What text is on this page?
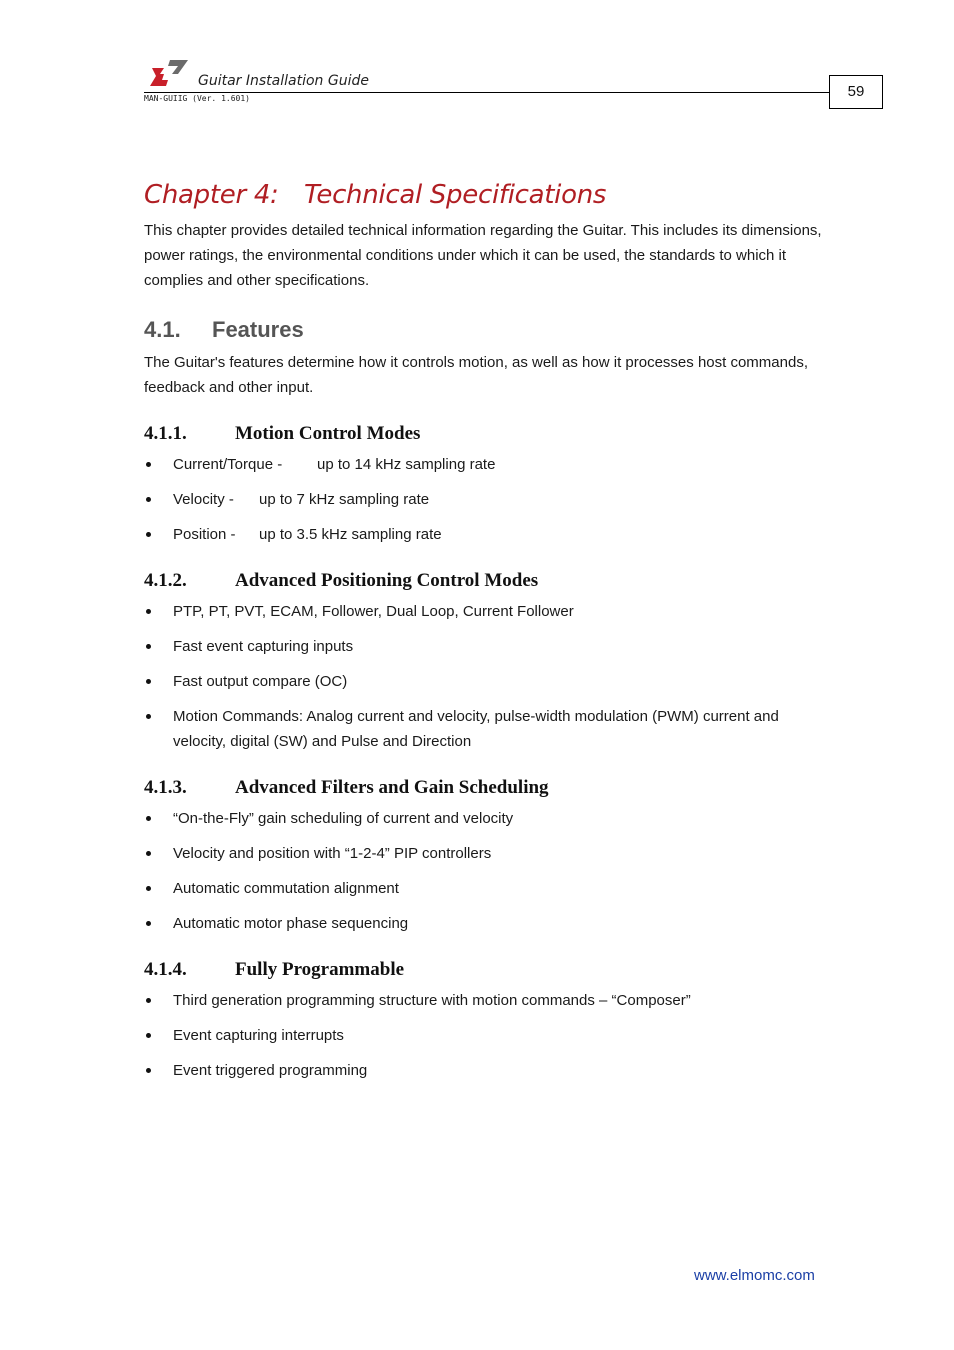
Guitar Installation Guide
MAN-GUIIG (Ver. 1.601)	59
Chapter 4: Technical Specifications

This chapter provides detailed technical information regarding the Guitar. This includes its dimensions, power ratings, the environmental conditions under which it can be used, the standards to which it complies and other specifications.

4.1. Features

The Guitar's features determine how it controls motion, as well as how it processes host commands, feedback and other input.

4.1.1.	Motion Control Modes
Current/Torque - up to 14 kHz sampling rate
Velocity - up to 7 kHz sampling rate
Position - up to 3.5 kHz sampling rate
4.1.2.	Advanced Positioning Control Modes
PTP, PT, PVT, ECAM, Follower, Dual Loop, Current Follower
Fast event capturing inputs
Fast output compare (OC)
Motion Commands: Analog current and velocity, pulse-width modulation (PWM) current and velocity, digital (SW) and Pulse and Direction
4.1.3.	Advanced Filters and Gain Scheduling
“On-the-Fly” gain scheduling of current and velocity
Velocity and position with “1-2-4” PIP controllers
Automatic commutation alignment
Automatic motor phase sequencing
4.1.4.	Fully Programmable
Third generation programming structure with motion commands – “Composer”
Event capturing interrupts
Event triggered programming
www.elmomc.com
